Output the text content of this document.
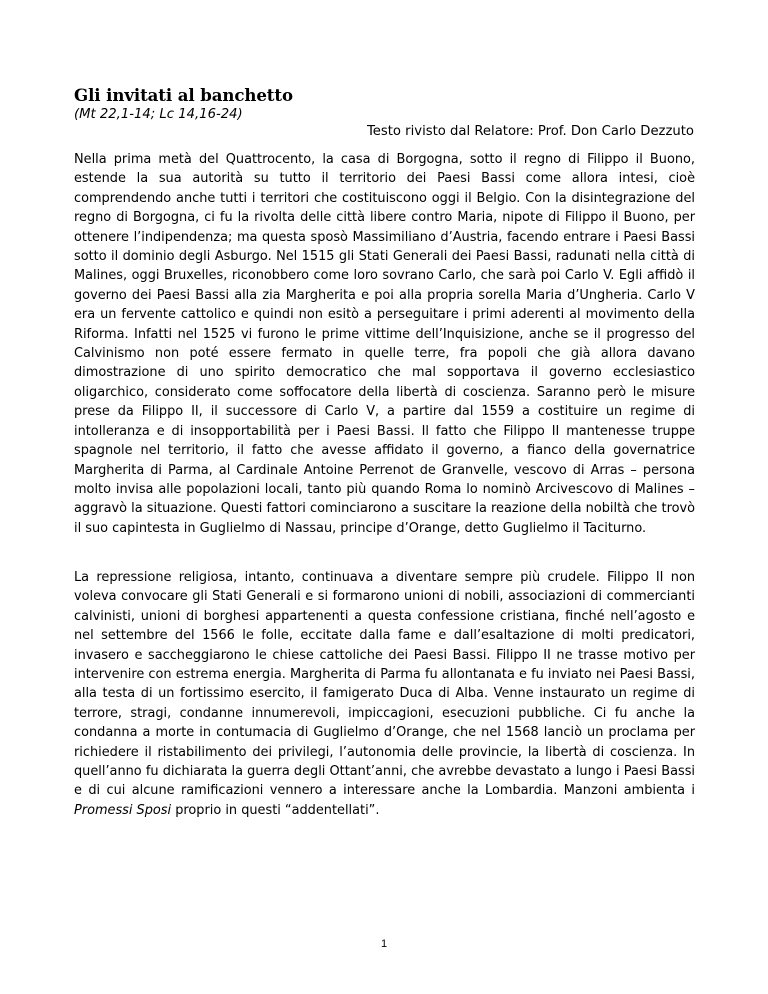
Gli invitati al banchetto
(Mt 22,1-14; Lc 14,16-24)
Testo rivisto dal Relatore: Prof. Don Carlo Dezzuto

Nella prima metà del Quattrocento, la casa di Borgogna, sotto il regno di Filippo il Buono, estende la sua autorità su tutto il territorio dei Paesi Bassi come allora intesi, cioè comprendendo anche tutti i territori che costituiscono oggi il Belgio. Con la disintegrazione del regno di Borgogna, ci fu la rivolta delle città libere contro Maria, nipote di Filippo il Buono, per ottenere l’indipendenza; ma questa sposò Massimiliano d’Austria, facendo entrare i Paesi Bassi sotto il dominio degli Asburgo. Nel 1515 gli Stati Generali dei Paesi Bassi, radunati nella città di Malines, oggi Bruxelles, riconobbero come loro sovrano Carlo, che sarà poi Carlo V. Egli affidò il governo dei Paesi Bassi alla zia Margherita e poi alla propria sorella Maria d’Ungheria. Carlo V era un fervente cattolico e quindi non esitò a perseguitare i primi aderenti al movimento della Riforma. Infatti nel 1525 vi furono le prime vittime dell’Inquisizione, anche se il progresso del Calvinismo non poté essere fermato in quelle terre, fra popoli che già allora davano dimostrazione di uno spirito democratico che mal sopportava il governo ecclesiastico oligarchico, considerato come soffocatore della libertà di coscienza. Saranno però le misure prese da Filippo II, il successore di Carlo V, a partire dal 1559 a costituire un regime di intolleranza e di insopportabilità per i Paesi Bassi. Il fatto che Filippo II mantenesse truppe spagnole nel territorio, il fatto che avesse affidato il governo, a fianco della governatrice Margherita di Parma, al Cardinale Antoine Perrenot de Granvelle, vescovo di Arras – persona molto invisa alle popolazioni locali, tanto più quando Roma lo nominò Arcivescovo di Malines – aggravò la situazione. Questi fattori cominciarono a suscitare la reazione della nobiltà che trovò il suo capintesta in Guglielmo di Nassau, principe d’Orange, detto Guglielmo il Taciturno.

La repressione religiosa, intanto, continuava a diventare sempre più crudele. Filippo II non voleva convocare gli Stati Generali e si formarono unioni di nobili, associazioni di commercianti calvinisti, unioni di borghesi appartenenti a questa confessione cristiana, finché nell’agosto e nel settembre del 1566 le folle, eccitate dalla fame e dall’esaltazione di molti predicatori, invasero e saccheggiarono le chiese cattoliche dei Paesi Bassi. Filippo II ne trasse motivo per intervenire con estrema energia. Margherita di Parma fu allontanata e fu inviato nei Paesi Bassi, alla testa di un fortissimo esercito, il famigerato Duca di Alba. Venne instaurato un regime di terrore, stragi, condanne innumerevoli, impiccagioni, esecuzioni pubbliche. Ci fu anche la condanna a morte in contumacia di Guglielmo d’Orange, che nel 1568 lanciò un proclama per richiedere il ristabilimento dei privilegi, l’autonomia delle provincie, la libertà di coscienza. In quell’anno fu dichiarata la guerra degli Ottant’anni, che avrebbe devastato a lungo i Paesi Bassi e di cui alcune ramificazioni vennero a interessare anche la Lombardia. Manzoni ambienta i Promessi Sposi proprio in questi “addentellati”.

1
